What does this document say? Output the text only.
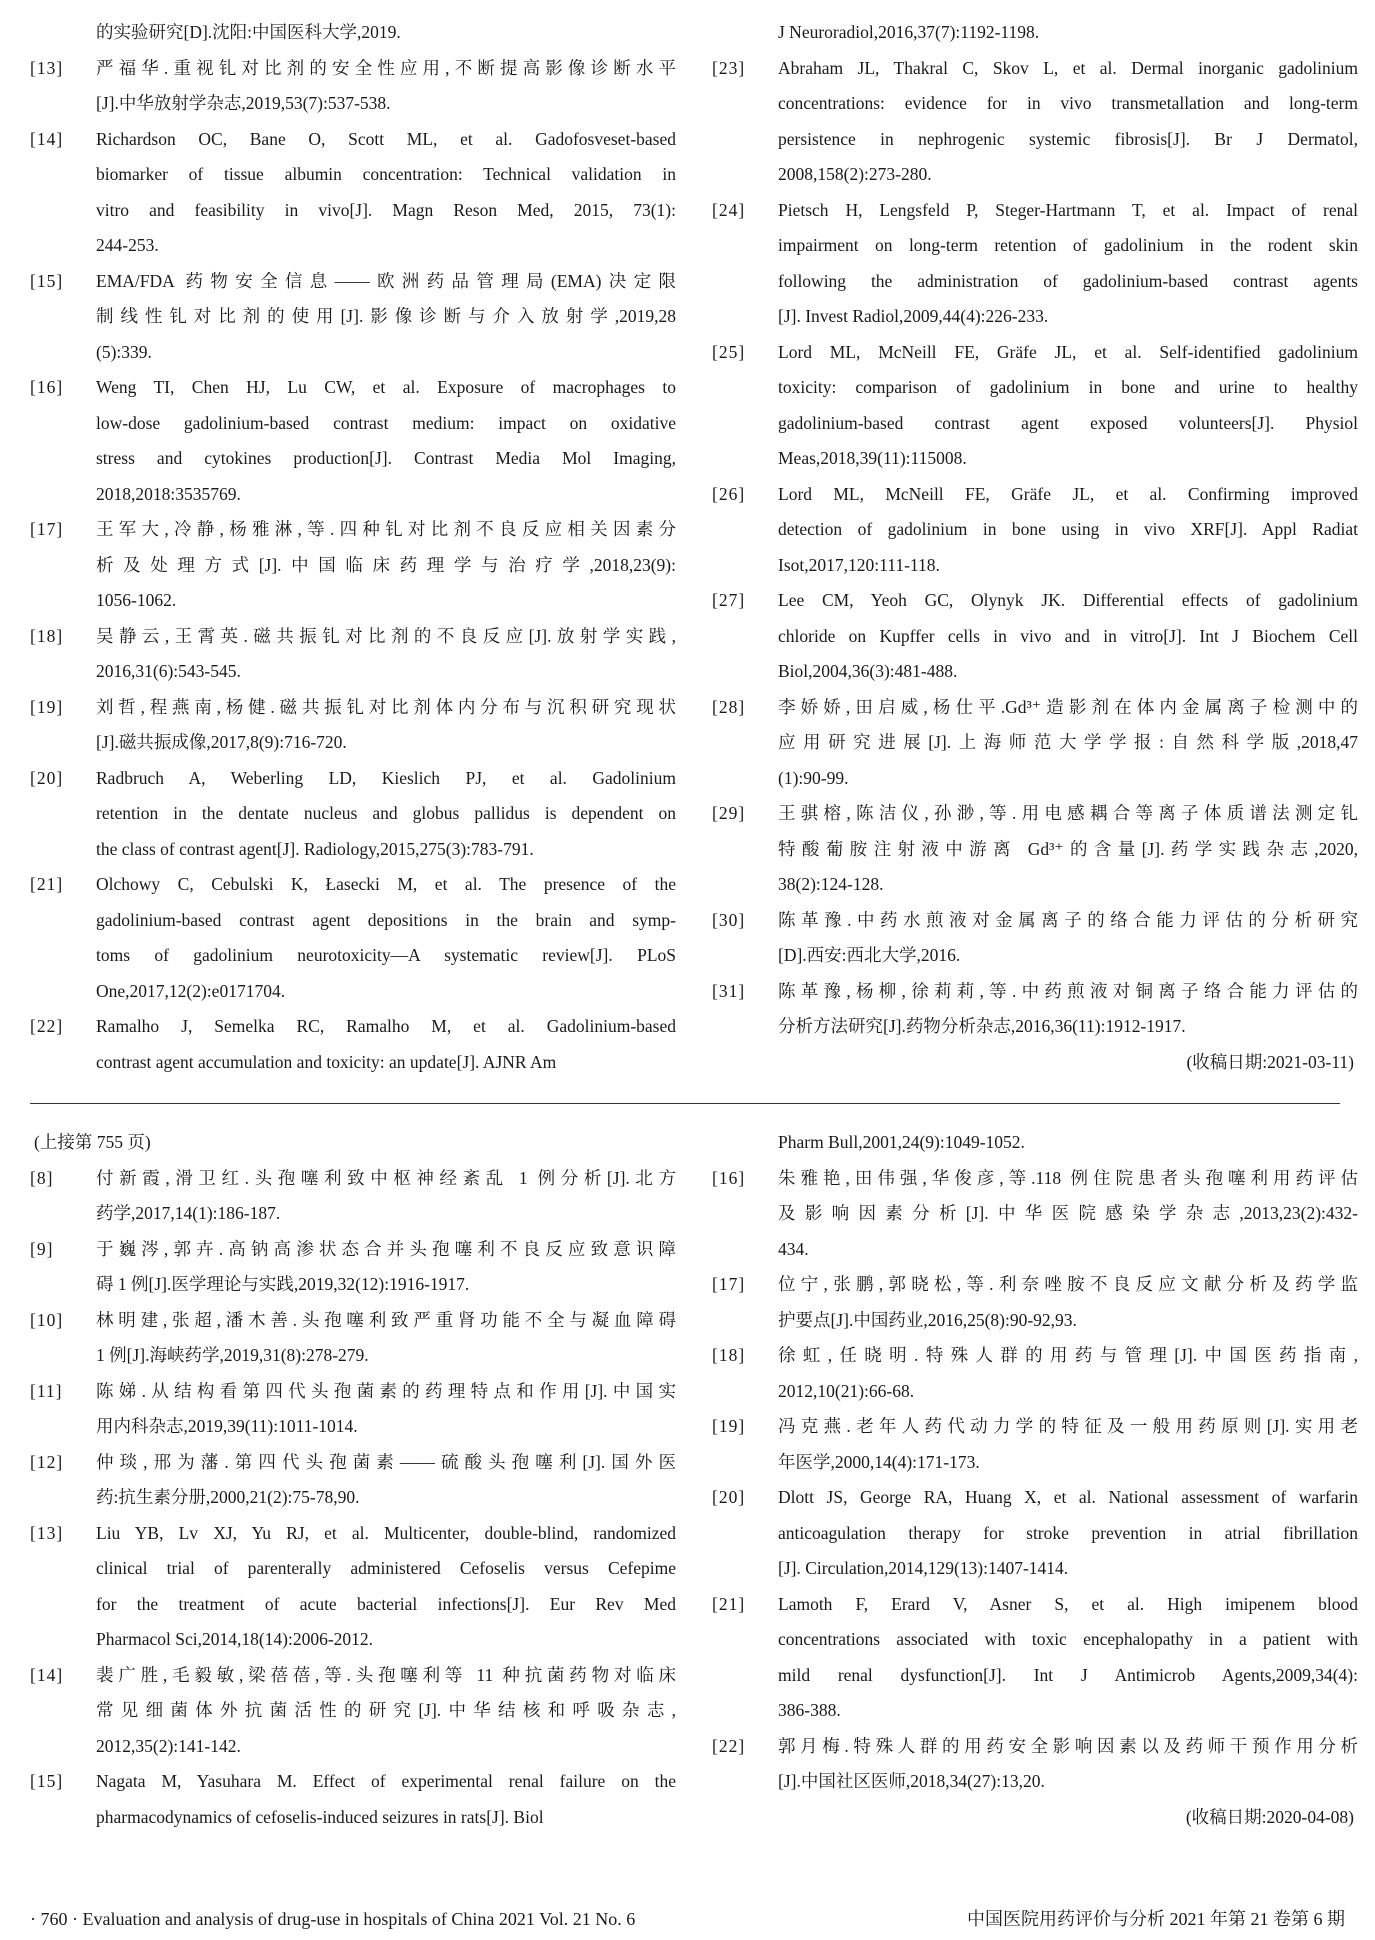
的实验研究[D].沈阳:中国医科大学,2019.
[13]	严福华.重视钆对比剂的安全性应用,不断提高影像诊断水平
[J].中华放射学杂志,2019,53(7):537-538.
[14]	Richardson OC, Bane O, Scott ML, et al. Gadofosveset-based
biomarker of tissue albumin concentration: Technical validation in
vitro and feasibility in vivo[J]. Magn Reson Med, 2015, 73(1):
244-253.
[15]	EMA/FDA 药物安全信息——欧洲药品管理局(EMA)决定限
制线性钆对比剂的使用[J].影像诊断与介入放射学,2019,28
(5):339.
[16]	Weng TI, Chen HJ, Lu CW, et al. Exposure of macrophages to
low-dose gadolinium-based contrast medium: impact on oxidative
stress and cytokines production[J]. Contrast Media Mol Imaging,
2018,2018:3535769.
[17]	王军大,冷静,杨雅淋,等.四种钆对比剂不良反应相关因素分
析及处理方式[J].中国临床药理学与治疗学,2018,23(9):
1056-1062.
[18]	吴静云,王霄英.磁共振钆对比剂的不良反应[J].放射学实践,
2016,31(6):543-545.
[19]	刘哲,程燕南,杨健.磁共振钆对比剂体内分布与沉积研究现状
[J].磁共振成像,2017,8(9):716-720.
[20]	Radbruch A, Weberling LD, Kieslich PJ, et al. Gadolinium
retention in the dentate nucleus and globus pallidus is dependent on
the class of contrast agent[J]. Radiology,2015,275(3):783-791.
[21]	Olchowy C, Cebulski K, Łasecki M, et al. The presence of the
gadolinium-based contrast agent depositions in the brain and symp-
toms of gadolinium neurotoxicity—A systematic review[J]. PLoS
One,2017,12(2):e0171704.
[22]	Ramalho J, Semelka RC, Ramalho M, et al. Gadolinium-based
contrast agent accumulation and toxicity: an update[J]. AJNR Am
J Neuroradiol,2016,37(7):1192-1198.
[23]	Abraham JL, Thakral C, Skov L, et al. Dermal inorganic gadolinium
concentrations: evidence for in vivo transmetallation and long-term
persistence in nephrogenic systemic fibrosis[J]. Br J Dermatol,
2008,158(2):273-280.
[24]	Pietsch H, Lengsfeld P, Steger-Hartmann T, et al. Impact of renal
impairment on long-term retention of gadolinium in the rodent skin
following the administration of gadolinium-based contrast agents
[J]. Invest Radiol,2009,44(4):226-233.
[25]	Lord ML, McNeill FE, Gräfe JL, et al. Self-identified gadolinium
toxicity: comparison of gadolinium in bone and urine to healthy
gadolinium-based contrast agent exposed volunteers[J]. Physiol
Meas,2018,39(11):115008.
[26]	Lord ML, McNeill FE, Gräfe JL, et al. Confirming improved
detection of gadolinium in bone using in vivo XRF[J]. Appl Radiat
Isot,2017,120:111-118.
[27]	Lee CM, Yeoh GC, Olynyk JK. Differential effects of gadolinium
chloride on Kupffer cells in vivo and in vitro[J]. Int J Biochem Cell
Biol,2004,36(3):481-488.
[28]	李娇娇,田启威,杨仕平.Gd³⁺造影剂在体内金属离子检测中的
应用研究进展[J].上海师范大学学报:自然科学版,2018,47
(1):90-99.
[29]	王骐榕,陈洁仪,孙渺,等.用电感耦合等离子体质谱法测定钆
特酸葡胺注射液中游离 Gd³⁺的含量[J].药学实践杂志,2020,
38(2):124-128.
[30]	陈革豫.中药水煎液对金属离子的络合能力评估的分析研究
[D].西安:西北大学,2016.
[31]	陈革豫,杨柳,徐莉莉,等.中药煎液对铜离子络合能力评估的
分析方法研究[J].药物分析杂志,2016,36(11):1912-1917.
(收稿日期:2021-03-11)
(上接第 755 页)
[8]	付新霞,滑卫红.头孢噻利致中枢神经紊乱 1 例分析[J].北方
药学,2017,14(1):186-187.
[9]	于巍涔,郭卉.高钠高渗状态合并头孢噻利不良反应致意识障
碍 1 例[J].医学理论与实践,2019,32(12):1916-1917.
[10]	林明建,张超,潘木善.头孢噻利致严重肾功能不全与凝血障碍
1 例[J].海峡药学,2019,31(8):278-279.
[11]	陈娣.从结构看第四代头孢菌素的药理特点和作用[J].中国实
用内科杂志,2019,39(11):1011-1014.
[12]	仲琰,邢为藩.第四代头孢菌素——硫酸头孢噻利[J].国外医
药:抗生素分册,2000,21(2):75-78,90.
[13]	Liu YB, Lv XJ, Yu RJ, et al. Multicenter, double-blind, randomized
clinical trial of parenterally administered Cefoselis versus Cefepime
for the treatment of acute bacterial infections[J]. Eur Rev Med
Pharmacol Sci,2014,18(14):2006-2012.
[14]	裴广胜,毛毅敏,梁蓓蓓,等.头孢噻利等 11 种抗菌药物对临床
常见细菌体外抗菌活性的研究[J].中华结核和呼吸杂志,
2012,35(2):141-142.
[15]	Nagata M, Yasuhara M. Effect of experimental renal failure on the
pharmacodynamics of cefoselis-induced seizures in rats[J]. Biol
Pharm Bull,2001,24(9):1049-1052.
[16]	朱雅艳,田伟强,华俊彦,等.118 例住院患者头孢噻利用药评估
及影响因素分析[J].中华医院感染学杂志,2013,23(2):432-
434.
[17]	位宁,张鹏,郭晓松,等.利奈唑胺不良反应文献分析及药学监
护要点[J].中国药业,2016,25(8):90-92,93.
[18]	徐虹,任晓明.特殊人群的用药与管理[J].中国医药指南,
2012,10(21):66-68.
[19]	冯克燕.老年人药代动力学的特征及一般用药原则[J].实用老
年医学,2000,14(4):171-173.
[20]	Dlott JS, George RA, Huang X, et al. National assessment of warfarin
anticoagulation therapy for stroke prevention in atrial fibrillation
[J]. Circulation,2014,129(13):1407-1414.
[21]	Lamoth F, Erard V, Asner S, et al. High imipenem blood
concentrations associated with toxic encephalopathy in a patient with
mild renal dysfunction[J]. Int J Antimicrob Agents,2009,34(4):
386-388.
[22]	郭月梅.特殊人群的用药安全影响因素以及药师干预作用分析
[J].中国社区医师,2018,34(27):13,20.
(收稿日期:2020-04-08)
· 760 · Evaluation and analysis of drug-use in hospitals of China 2021 Vol. 21 No. 6	中国医院用药评价与分析 2021 年第 21 卷第 6 期
